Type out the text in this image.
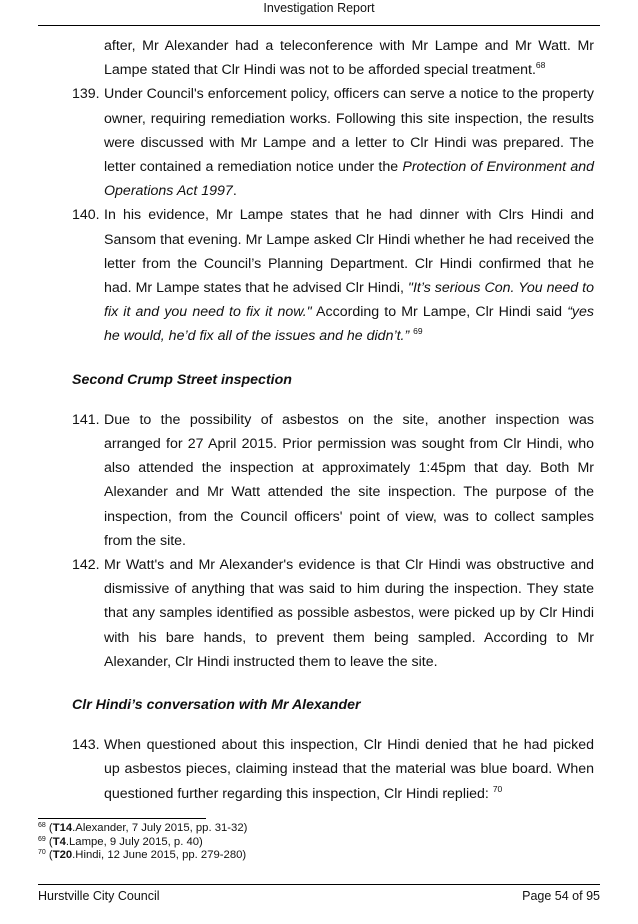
Investigation Report

after, Mr Alexander had a teleconference with Mr Lampe and Mr Watt. Mr Lampe stated that Clr Hindi was not to be afforded special treatment.$^{68}$

139. Under Council's enforcement policy, officers can serve a notice to the property owner, requiring remediation works. Following this site inspection, the results were discussed with Mr Lampe and a letter to Clr Hindi was prepared. The letter contained a remediation notice under the Protection of Environment and Operations Act 1997.

140. In his evidence, Mr Lampe states that he had dinner with Clrs Hindi and Sansom that evening. Mr Lampe asked Clr Hindi whether he had received the letter from the Council’s Planning Department. Clr Hindi confirmed that he had. Mr Lampe states that he advised Clr Hindi, "It’s serious Con. You need to fix it and you need to fix it now." According to Mr Lampe, Clr Hindi said “yes he would, he’d fix all of the issues and he didn’t.” $^{69}$

Second Crump Street inspection

141. Due to the possibility of asbestos on the site, another inspection was arranged for 27 April 2015. Prior permission was sought from Clr Hindi, who also attended the inspection at approximately 1:45pm that day. Both Mr Alexander and Mr Watt attended the site inspection. The purpose of the inspection, from the Council officers' point of view, was to collect samples from the site.

142. Mr Watt's and Mr Alexander's evidence is that Clr Hindi was obstructive and dismissive of anything that was said to him during the inspection. They state that any samples identified as possible asbestos, were picked up by Clr Hindi with his bare hands, to prevent them being sampled. According to Mr Alexander, Clr Hindi instructed them to leave the site.

Clr Hindi’s conversation with Mr Alexander

143. When questioned about this inspection, Clr Hindi denied that he had picked up asbestos pieces, claiming instead that the material was blue board. When questioned further regarding this inspection, Clr Hindi replied: $^{70}$

$^{68}$ (T14.Alexander, 7 July 2015, pp. 31-32)
$^{69}$ (T4.Lampe, 9 July 2015, p. 40)
$^{70}$ (T20.Hindi, 12 June 2015, pp. 279-280)
Hurstville City Council	Page 54 of 95
